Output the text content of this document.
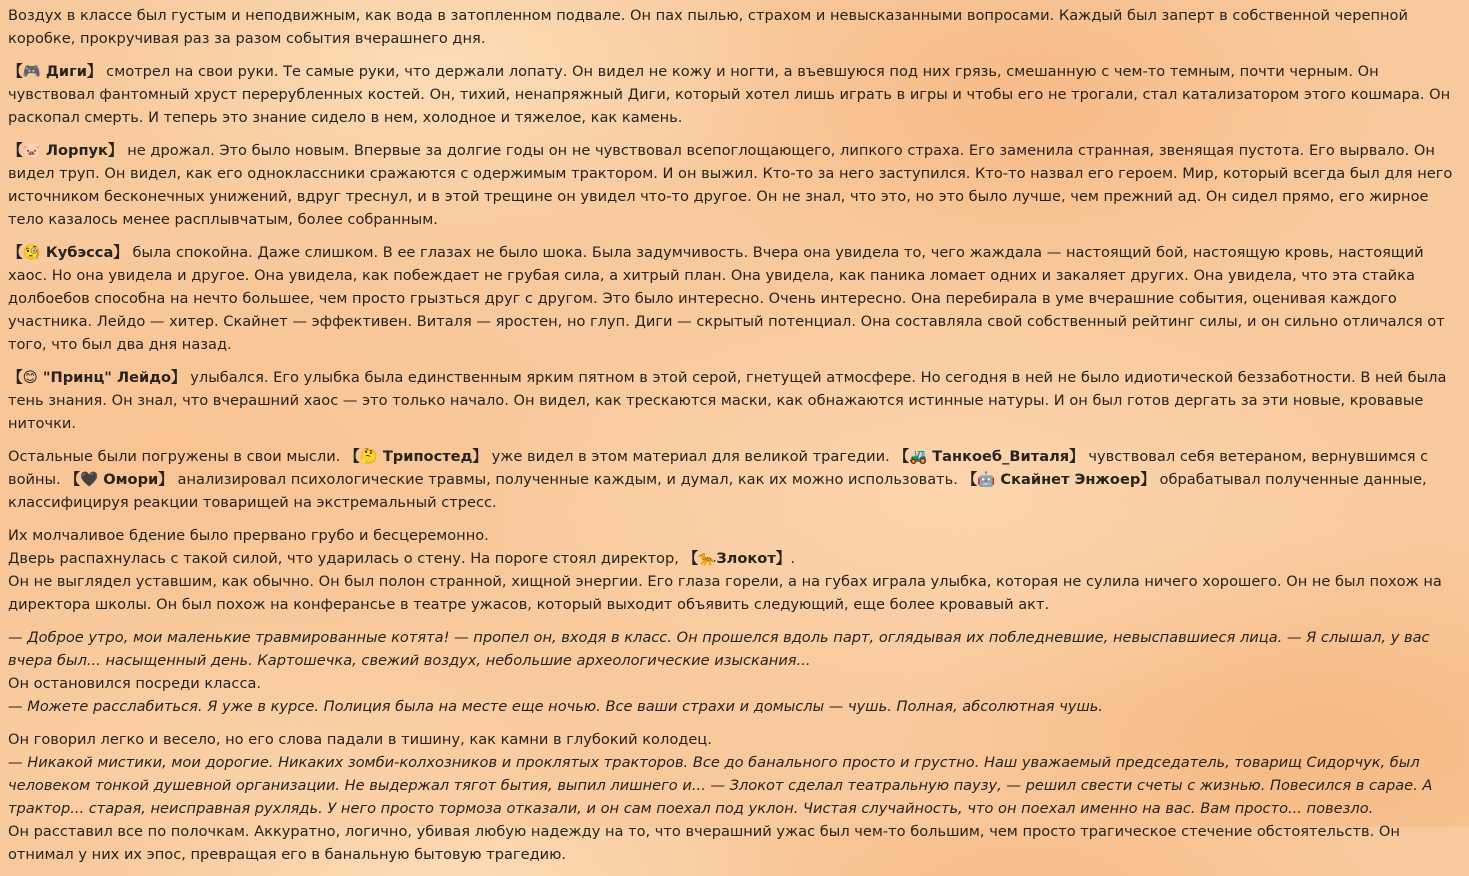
Воздух в классе был густым и неподвижным, как вода в затопленном подвале. Он пах пылью, страхом и невысказанными вопросами. Каждый был заперт в собственной черепной коробке, прокручивая раз за разом события вчерашнего дня.

【🎮 Диги】 смотрел на свои руки. Те самые руки, что держали лопату. Он видел не кожу и ногти, а въевшуюся под них грязь, смешанную с чем-то темным, почти черным. Он чувствовал фантомный хруст перерубленных костей. Он, тихий, ненапряжный Диги, который хотел лишь играть в игры и чтобы его не трогали, стал катализатором этого кошмара. Он раскопал смерть. И теперь это знание сидело в нем, холодное и тяжелое, как камень.

【🐷 Лорпук】 не дрожал. Это было новым. Впервые за долгие годы он не чувствовал всепоглощающего, липкого страха. Его заменила странная, звенящая пустота. Его вырвало. Он видел труп. Он видел, как его одноклассники сражаются с одержимым трактором. И он выжил. Кто-то за него заступился. Кто-то назвал его героем. Мир, который всегда был для него источником бесконечных унижений, вдруг треснул, и в этой трещине он увидел что-то другое. Он не знал, что это, но это было лучше, чем прежний ад. Он сидел прямо, его жирное тело казалось менее расплывчатым, более собранным.

【🧐 Кубэсса】 была спокойна. Даже слишком. В ее глазах не было шока. Была задумчивость. Вчера она увидела то, чего жаждала — настоящий бой, настоящую кровь, настоящий хаос. Но она увидела и другое. Она увидела, как побеждает не грубая сила, а хитрый план. Она увидела, как паника ломает одних и закаляет других. Она увидела, что эта стайка долбоебов способна на нечто большее, чем просто грызться друг с другом. Это было интересно. Очень интересно. Она перебирала в уме вчерашние события, оценивая каждого участника. Лейдо — хитер. Скайнет — эффективен. Виталя — яростен, но глуп. Диги — скрытый потенциал. Она составляла свой собственный рейтинг силы, и он сильно отличался от того, что был два дня назад.

【😊 "Принц" Лейдо】 улыбался. Его улыбка была единственным ярким пятном в этой серой, гнетущей атмосфере. Но сегодня в ней не было идиотической беззаботности. В ней была тень знания. Он знал, что вчерашний хаос — это только начало. Он видел, как трескаются маски, как обнажаются истинные натуры. И он был готов дергать за эти новые, кровавые ниточки.

Остальные были погружены в свои мысли. 【🤔 Трипостед】 уже видел в этом материал для великой трагедии. 【🚜 Танкоеб_Виталя】 чувствовал себя ветераном, вернувшимся с войны. 【🖤 Омори】 анализировал психологические травмы, полученные каждым, и думал, как их можно использовать. 【🤖 Скайнет Энжоер】 обрабатывал полученные данные, классифицируя реакции товарищей на экстремальный стресс.

Их молчаливое бдение было прервано грубо и бесцеремонно.
Дверь распахнулась с такой силой, что ударилась о стену. На пороге стоял директор, 【🐆Злокот】.
Он не выглядел уставшим, как обычно. Он был полон странной, хищной энергии. Его глаза горели, а на губах играла улыбка, которая не сулила ничего хорошего. Он не был похож на директора школы. Он был похож на конферансье в театре ужасов, который выходит объявить следующий, еще более кровавый акт.

— Доброе утро, мои маленькие травмированные котята! — пропел он, входя в класс. Он прошелся вдоль парт, оглядывая их побледневшие, невыспавшиеся лица. — Я слышал, у вас вчера был... насыщенный день. Картошечка, свежий воздух, небольшие археологические изыскания...
Он остановился посреди класса.
— Можете расслабиться. Я уже в курсе. Полиция была на месте еще ночью. Все ваши страхи и домыслы — чушь. Полная, абсолютная чушь.

Он говорил легко и весело, но его слова падали в тишину, как камни в глубокий колодец.
— Никакой мистики, мои дорогие. Никаких зомби-колхозников и проклятых тракторов. Все до банального просто и грустно. Наш уважаемый председатель, товарищ Сидорчук, был человеком тонкой душевной организации. Не выдержал тягот бытия, выпил лишнего и... — Злокот сделал театральную паузу, — решил свести счеты с жизнью. Повесился в сарае. А трактор... старая, неисправная рухлядь. У него просто тормоза отказали, и он сам поехал под уклон. Чистая случайность, что он поехал именно на вас. Вам просто... повезло.
Он расставил все по полочкам. Аккуратно, логично, убивая любую надежду на то, что вчерашний ужас был чем-то большим, чем просто трагическое стечение обстоятельств. Он отнимал у них их эпос, превращая его в банальную бытовую трагедию.
